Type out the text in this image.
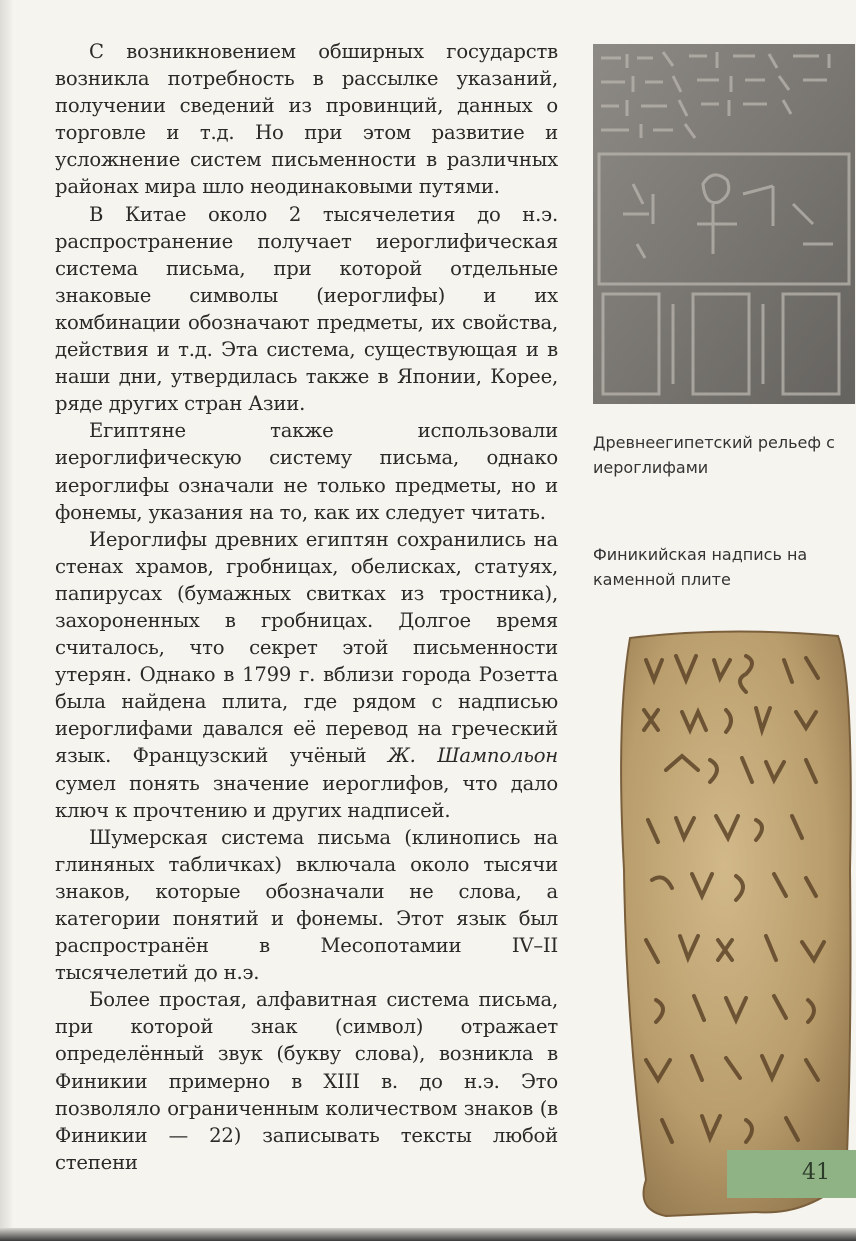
С возникновением обширных государств возникла потребность в рассылке указаний, получении сведений из провинций, данных о торговле и т.д. Но при этом развитие и усложнение систем письменности в различных районах мира шло неодинаковыми путями.

В Китае около 2 тысячелетия до н.э. распространение получает иероглифическая система письма, при которой отдельные знаковые символы (иероглифы) и их комбинации обозначают предметы, их свойства, действия и т.д. Эта система, существующая и в наши дни, утвердилась также в Японии, Корее, ряде других стран Азии.

Египтяне также использовали иероглифическую систему письма, однако иероглифы означали не только предметы, но и фонемы, указания на то, как их следует читать.

Иероглифы древних египтян сохранились на стенах храмов, гробницах, обелисках, статуях, папирусах (бумажных свитках из тростника), захороненных в гробницах. Долгое время считалось, что секрет этой письменности утерян. Однако в 1799 г. вблизи города Розетта была найдена плита, где рядом с надписью иероглифами давался её перевод на греческий язык. Французский учёный Ж. Шампольон сумел понять значение иероглифов, что дало ключ к прочтению и других надписей.

Шумерская система письма (клинопись на глиняных табличках) включала около тысячи знаков, которые обозначали не слова, а категории понятий и фонемы. Этот язык был распространён в Месопотамии IV–II тысячелетий до н.э.

Более простая, алфавитная система письма, при которой знак (символ) отражает определённый звук (букву слова), возникла в Финикии примерно в XIII в. до н.э. Это позволяло ограниченным количеством знаков (в Финикии — 22) записывать тексты любой степени

Древнеегипетский рельеф с иероглифами
Финикийская надпись на каменной плите
41
